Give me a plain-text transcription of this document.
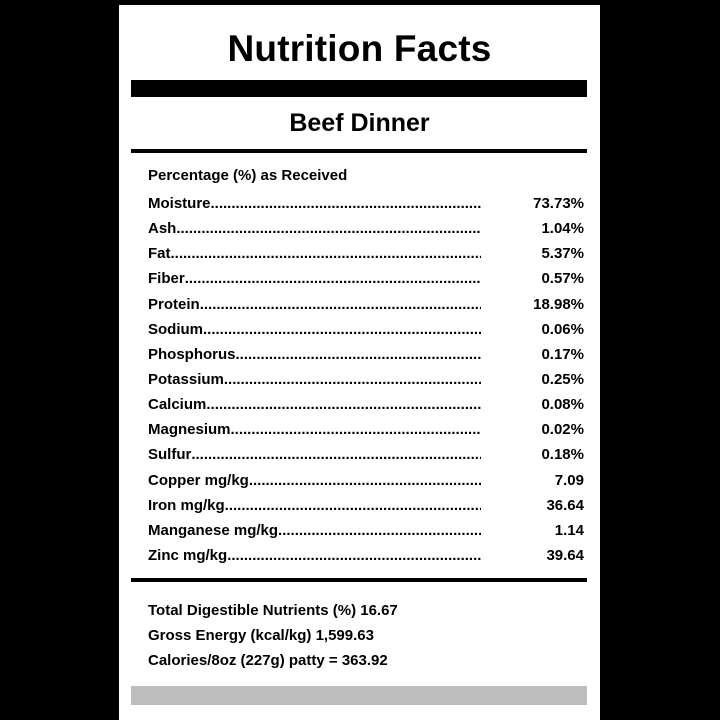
Nutrition Facts
Beef Dinner
Percentage (%) as Received
Moisture .....	73.73%
Ash .....	1.04%
Fat .....	5.37%
Fiber .....	0.57%
Protein .....	18.98%
Sodium .....	0.06%
Phosphorus .....	0.17%
Potassium .....	0.25%
Calcium .....	0.08%
Magnesium .....	0.02%
Sulfur .....	0.18%
Copper mg/kg .....	7.09
Iron mg/kg .....	36.64
Manganese mg/kg .....	1.14
Zinc mg/kg .....	39.64
Total Digestible Nutrients (%) 16.67
Gross Energy (kcal/kg) 1,599.63
Calories/8oz (227g) patty = 363.92
